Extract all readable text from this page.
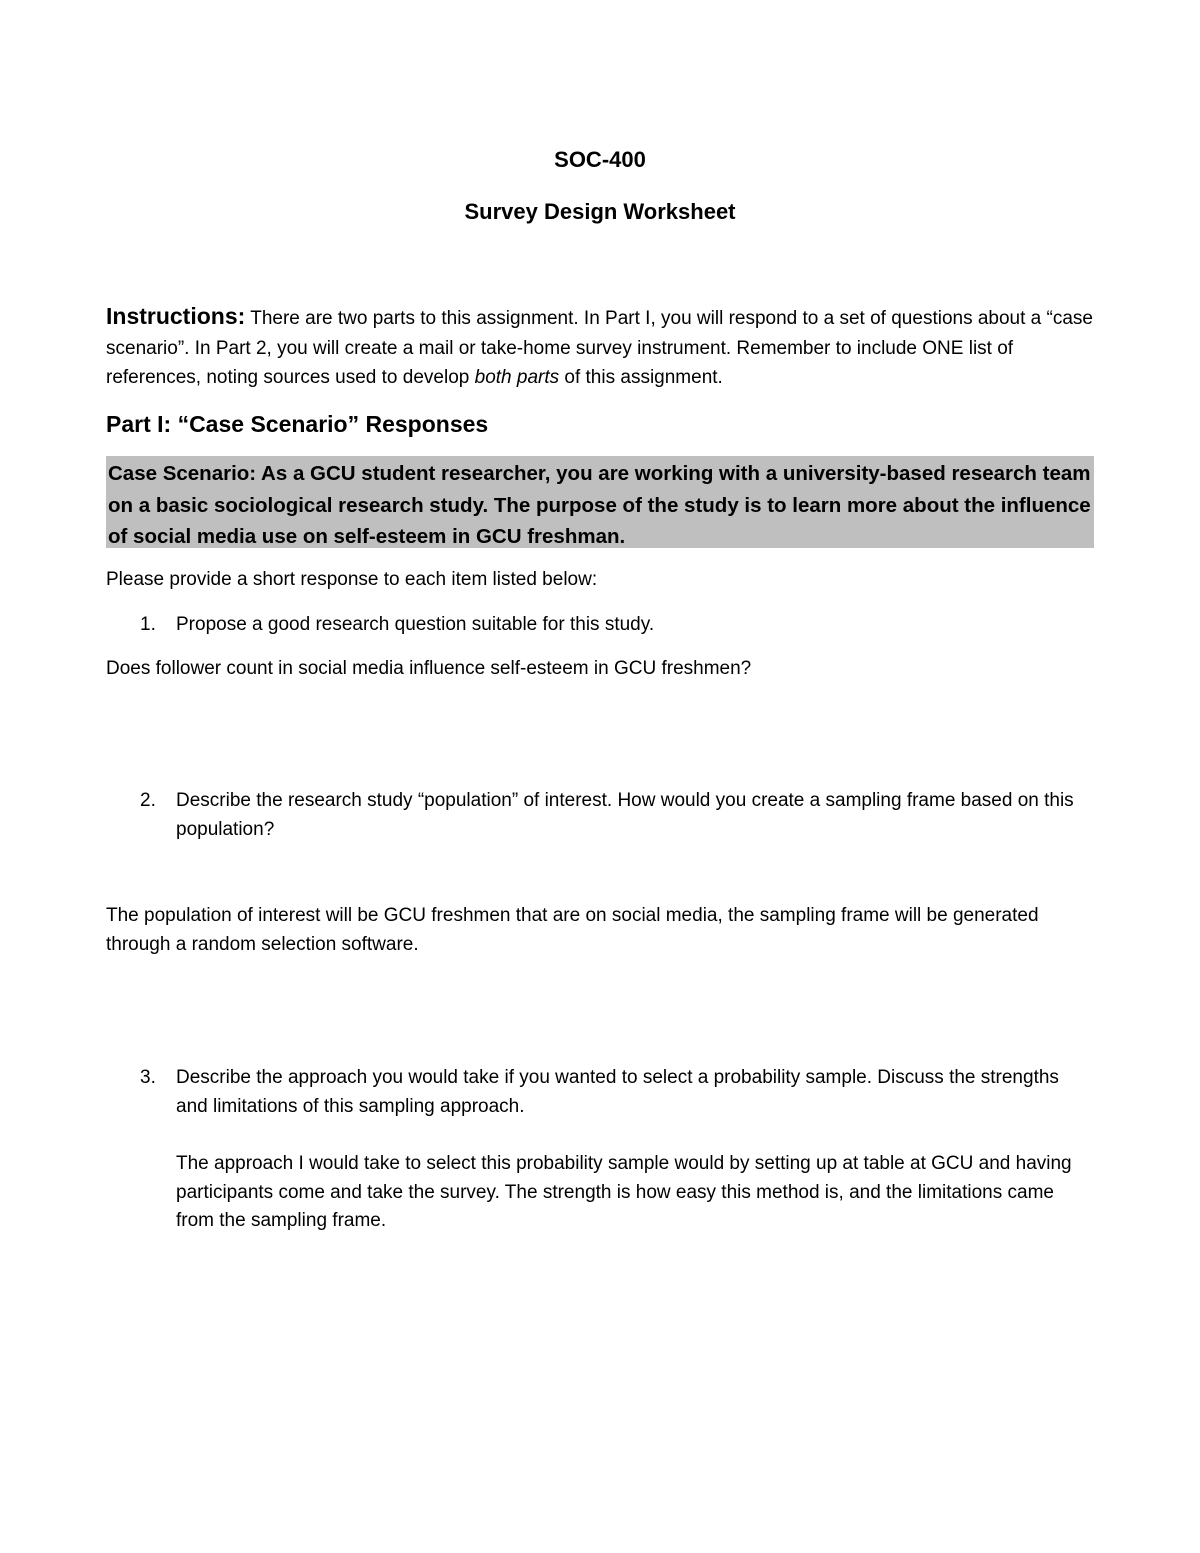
SOC-400
Survey Design Worksheet
Instructions: There are two parts to this assignment. In Part I, you will respond to a set of questions about a “case scenario”. In Part 2, you will create a mail or take-home survey instrument. Remember to include ONE list of references, noting sources used to develop both parts of this assignment.
Part I: “Case Scenario” Responses
Case Scenario: As a GCU student researcher, you are working with a university-based research team on a basic sociological research study. The purpose of the study is to learn more about the influence of social media use on self-esteem in GCU freshman.
Please provide a short response to each item listed below:
1.	Propose a good research question suitable for this study.
Does follower count in social media influence self-esteem in GCU freshmen?
2.	Describe the research study “population” of interest. How would you create a sampling frame based on this population?
The population of interest will be GCU freshmen that are on social media, the sampling frame will be generated through a random selection software.
3.	Describe the approach you would take if you wanted to select a probability sample. Discuss the strengths and limitations of this sampling approach.
The approach I would take to select this probability sample would by setting up at table at GCU and having participants come and take the survey. The strength is how easy this method is, and the limitations came from the sampling frame.
